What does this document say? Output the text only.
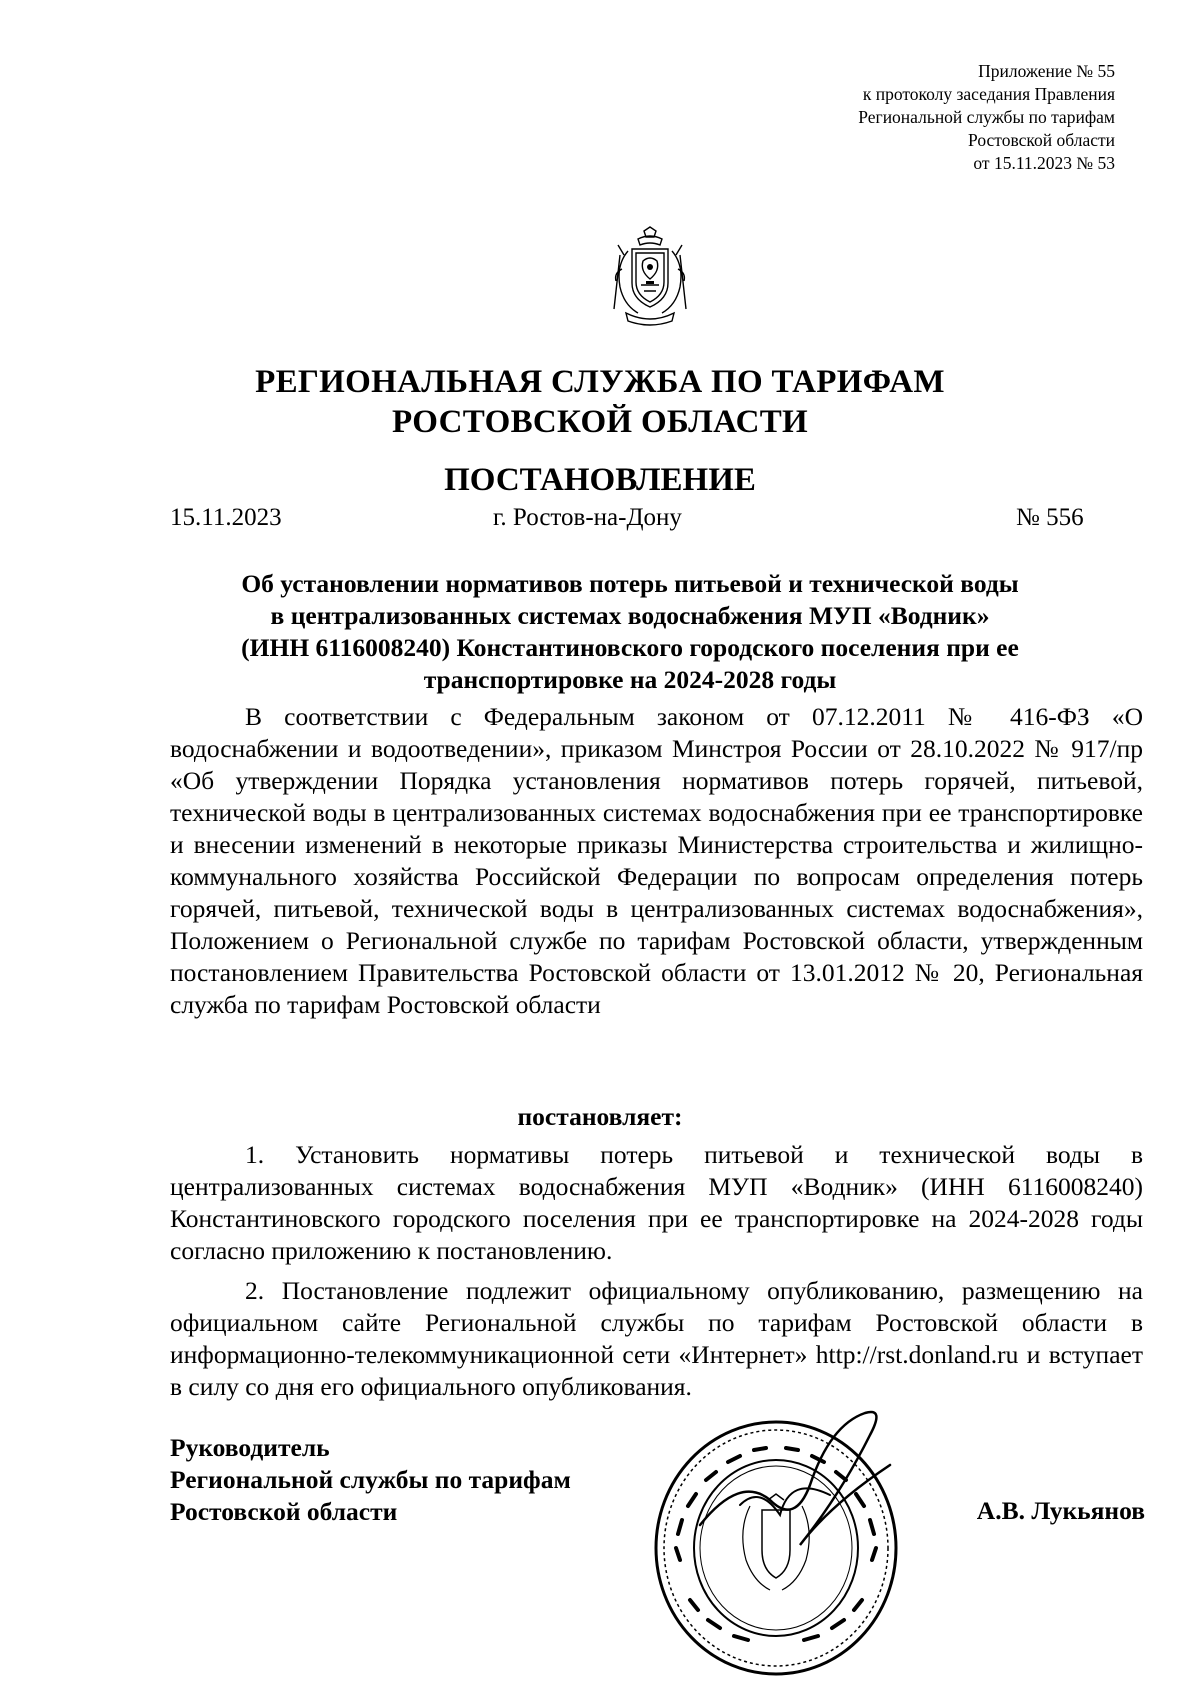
Приложение № 55
к протоколу заседания Правления
Региональной службы по тарифам
Ростовской области
от 15.11.2023 № 53
РЕГИОНАЛЬНАЯ СЛУЖБА ПО ТАРИФАМ
РОСТОВСКОЙ ОБЛАСТИ
ПОСТАНОВЛЕНИЕ
15.11.2023	г. Ростов-на-Дону	№ 556
Об установлении нормативов потерь питьевой и технической воды
в централизованных системах водоснабжения МУП «Водник»
(ИНН 6116008240) Константиновского городского поселения при ее
транспортировке на 2024-2028 годы

В соответствии с Федеральным законом от 07.12.2011 № 416-ФЗ «О водоснабжении и водоотведении», приказом Минстроя России от 28.10.2022 № 917/пр «Об утверждении Порядка установления нормативов потерь горячей, питьевой, технической воды в централизованных системах водоснабжения при ее транспортировке и внесении изменений в некоторые приказы Министерства строительства и жилищно-коммунального хозяйства Российской Федерации по вопросам определения потерь горячей, питьевой, технической воды в централизованных системах водоснабжения», Положением о Региональной службе по тарифам Ростовской области, утвержденным постановлением Правительства Ростовской области от 13.01.2012 № 20, Региональная служба по тарифам Ростовской области

постановляет:

1. Установить нормативы потерь питьевой и технической воды в централизованных системах водоснабжения МУП «Водник» (ИНН 6116008240) Константиновского городского поселения при ее транспортировке на 2024-2028 годы согласно приложению к постановлению.

2. Постановление подлежит официальному опубликованию, размещению на официальном сайте Региональной службы по тарифам Ростовской области в информационно-телекоммуникационной сети «Интернет» http://rst.donland.ru и вступает в силу со дня его официального опубликования.

Руководитель
Региональной службы по тарифам
Ростовской области	А.В. Лукьянов
